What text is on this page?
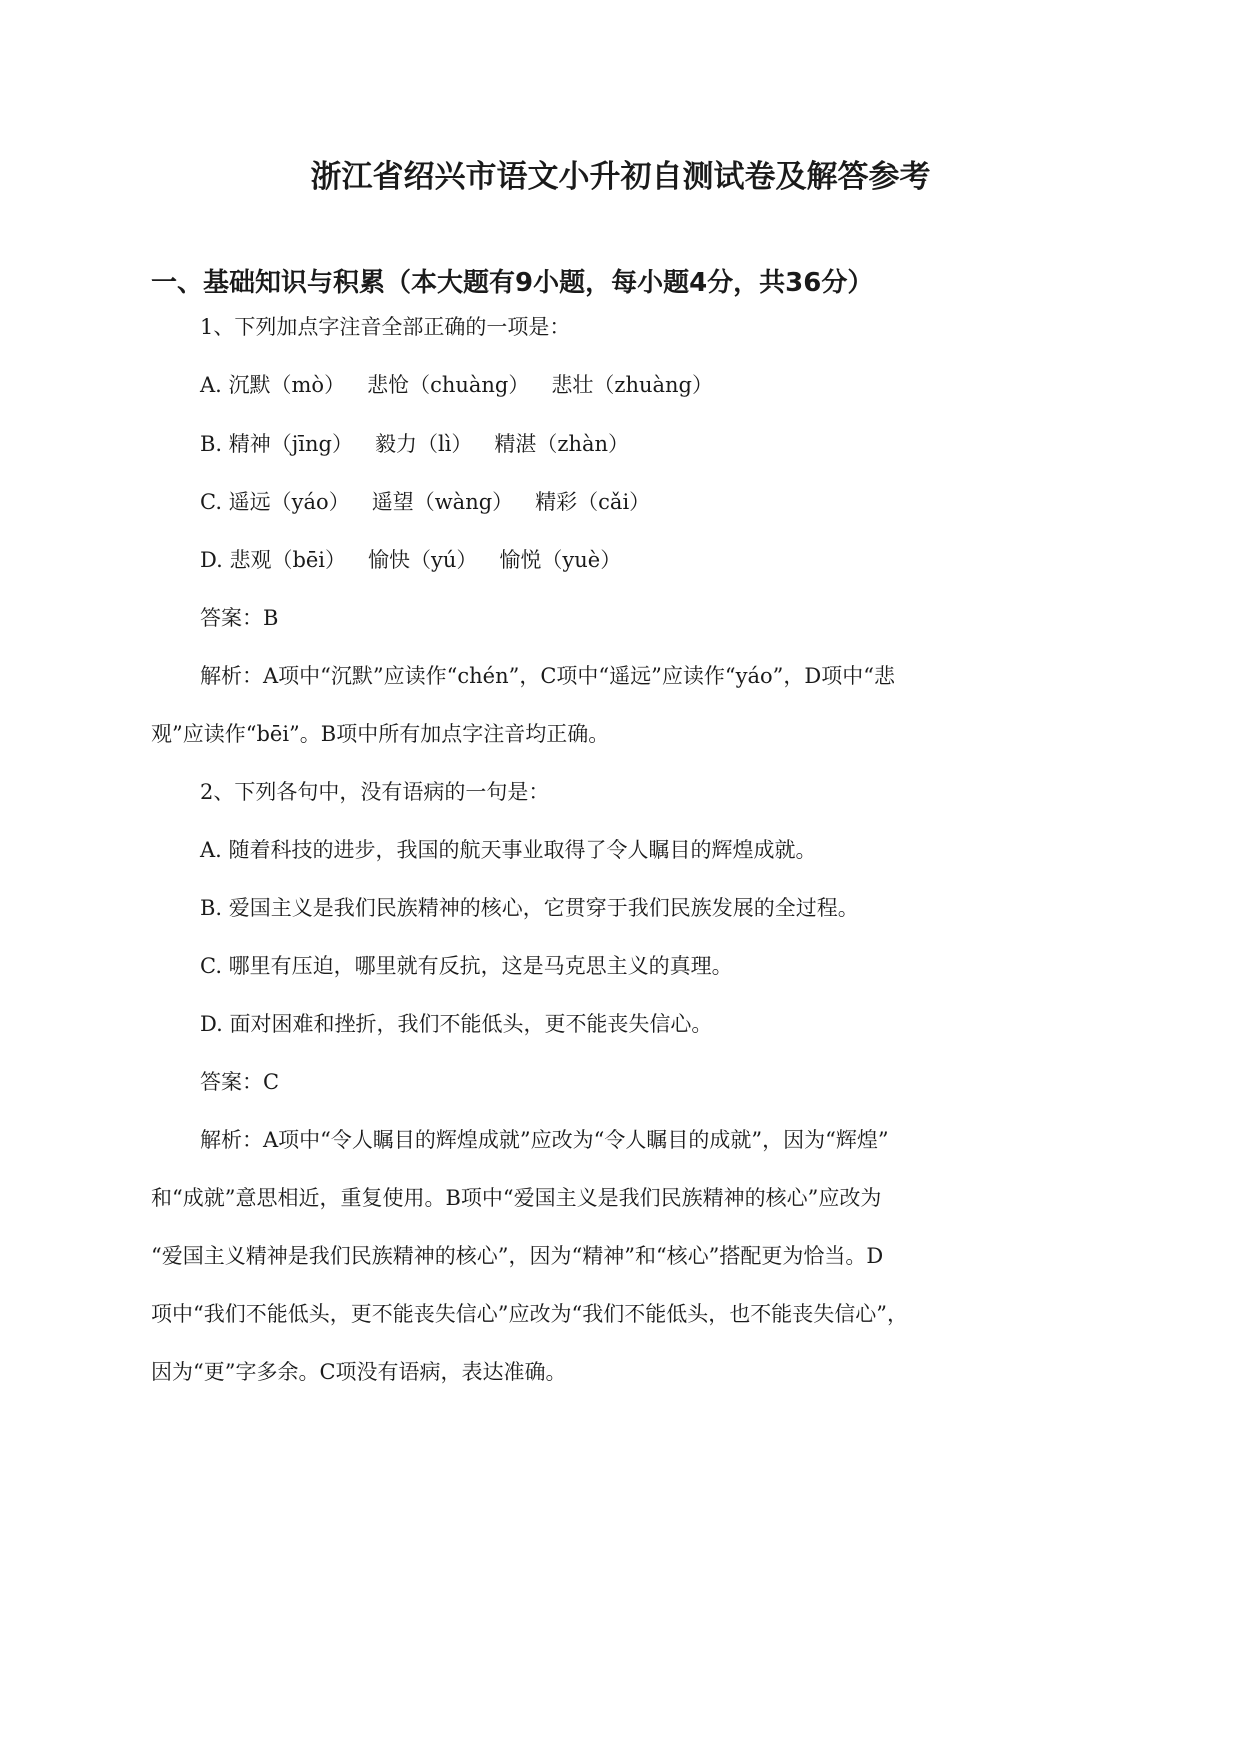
浙江省绍兴市语文小升初自测试卷及解答参考
一、基础知识与积累（本大题有9小题，每小题4分，共36分）

1、下列加点字注音全部正确的一项是：

A. 沉默（mò） 悲怆（chuàng） 悲壮（zhuàng）

B. 精神（jīng） 毅力（lì） 精湛（zhàn）

C. 遥远（yáo） 遥望（wàng） 精彩（cǎi）

D. 悲观（bēi） 愉快（yú） 愉悦（yuè）

答案：B

解析：A项中“沉默”应读作“chén”，C项中“遥远”应读作“yáo”，D项中“悲

观”应读作“bēi”。B项中所有加点字注音均正确。

2、下列各句中，没有语病的一句是：

A. 随着科技的进步，我国的航天事业取得了令人瞩目的辉煌成就。

B. 爱国主义是我们民族精神的核心，它贯穿于我们民族发展的全过程。

C. 哪里有压迫，哪里就有反抗，这是马克思主义的真理。

D. 面对困难和挫折，我们不能低头，更不能丧失信心。

答案：C

解析：A项中“令人瞩目的辉煌成就”应改为“令人瞩目的成就”，因为“辉煌”

和“成就”意思相近，重复使用。B项中“爱国主义是我们民族精神的核心”应改为

“爱国主义精神是我们民族精神的核心”，因为“精神”和“核心”搭配更为恰当。D

项中“我们不能低头，更不能丧失信心”应改为“我们不能低头，也不能丧失信心”，

因为“更”字多余。C项没有语病，表达准确。
